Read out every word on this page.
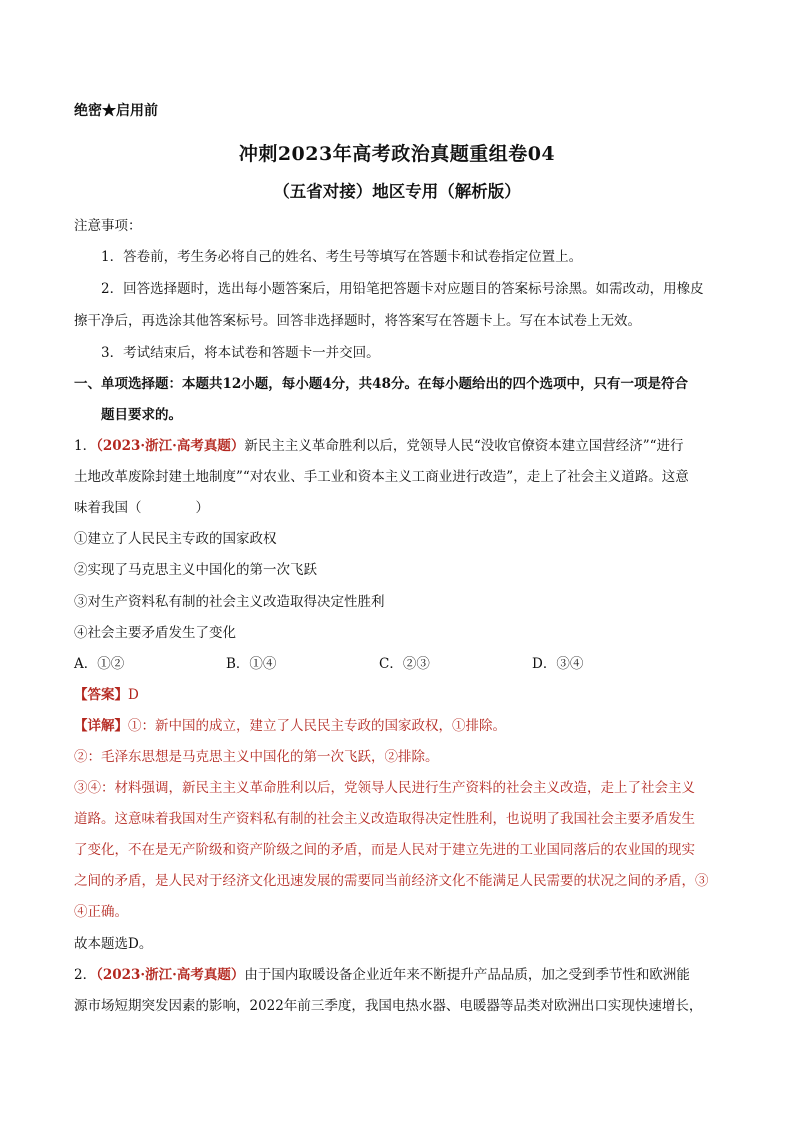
绝密★启用前
冲刺2023年高考政治真题重组卷04
（五省对接）地区专用（解析版）
注意事项：
1．答卷前，考生务必将自己的姓名、考生号等填写在答题卡和试卷指定位置上。
2．回答选择题时，选出每小题答案后，用铅笔把答题卡对应题目的答案标号涂黑。如需改动，用橡皮
擦干净后，再选涂其他答案标号。回答非选择题时，将答案写在答题卡上。写在本试卷上无效。
3．考试结束后，将本试卷和答题卡一并交回。
一、单项选择题：本题共12小题，每小题4分，共48分。在每小题给出的四个选项中，只有一项是符合
题目要求的。
1．（2023·浙江·高考真题）新民主主义革命胜利以后，党领导人民“没收官僚资本建立国营经济”“进行
土地改革废除封建土地制度”“对农业、手工业和资本主义工商业进行改造”，走上了社会主义道路。这意
味着我国（　　　　）
①建立了人民民主专政的国家政权
②实现了马克思主义中国化的第一次飞跃
③对生产资料私有制的社会主义改造取得决定性胜利
④社会主要矛盾发生了变化
A．①②	B．①④	C．②③	D．③④
【答案】D
【详解】①：新中国的成立，建立了人民民主专政的国家政权，①排除。
②：毛泽东思想是马克思主义中国化的第一次飞跃，②排除。
③④：材料强调，新民主主义革命胜利以后，党领导人民进行生产资料的社会主义改造，走上了社会主义
道路。这意味着我国对生产资料私有制的社会主义改造取得决定性胜利，也说明了我国社会主要矛盾发生
了变化，不在是无产阶级和资产阶级之间的矛盾，而是人民对于建立先进的工业国同落后的农业国的现实
之间的矛盾，是人民对于经济文化迅速发展的需要同当前经济文化不能满足人民需要的状况之间的矛盾，③
④正确。
故本题选D。
2．（2023·浙江·高考真题）由于国内取暖设备企业近年来不断提升产品品质，加之受到季节性和欧洲能
源市场短期突发因素的影响，2022年前三季度，我国电热水器、电暖器等品类对欧洲出口实现快速增长，
